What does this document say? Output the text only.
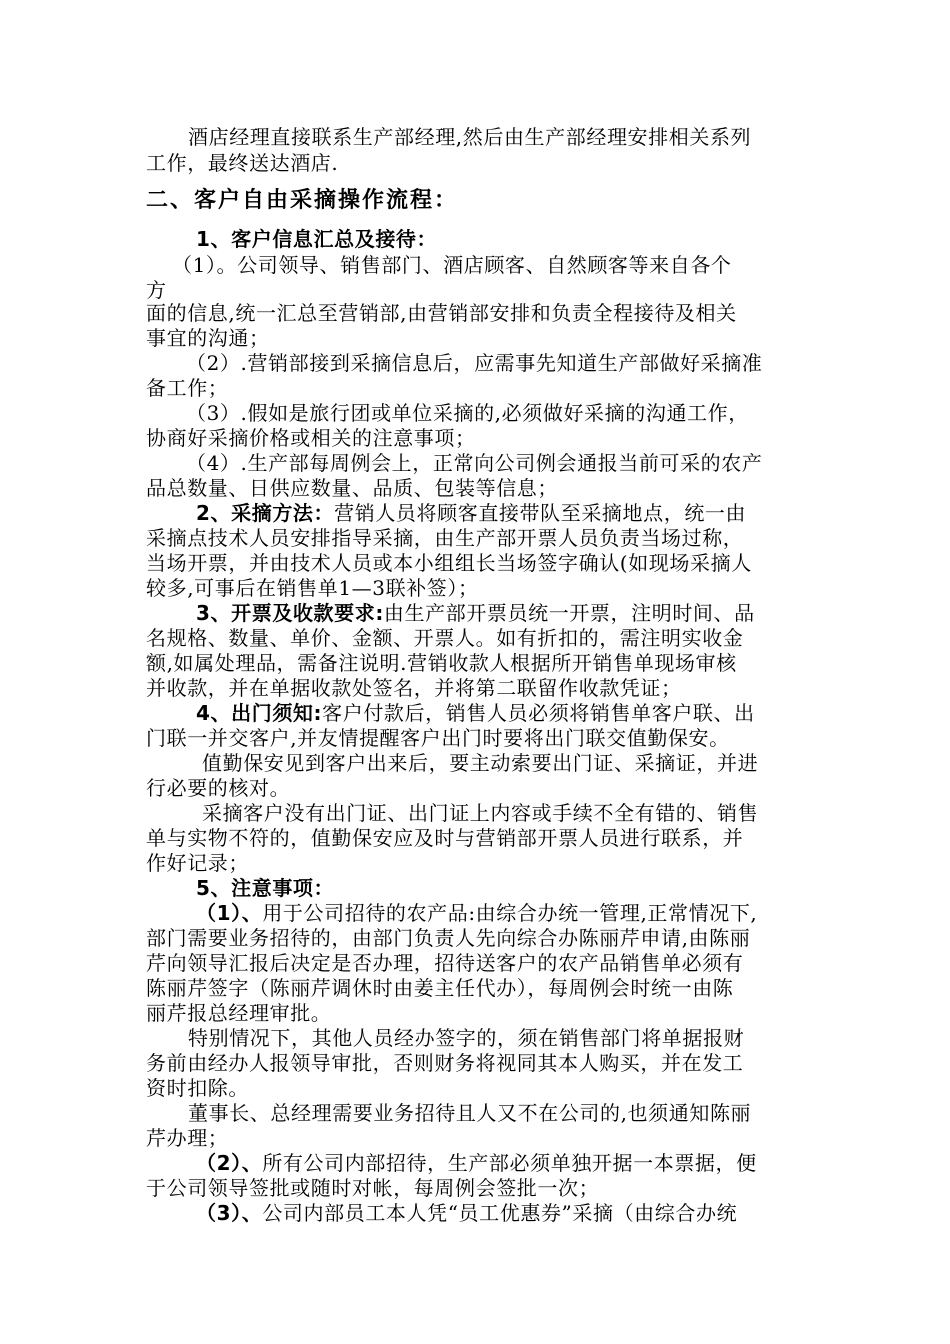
酒店经理直接联系生产部经理,然后由生产部经理安排相关系列
工作，最终送达酒店.
二、客户自由采摘操作流程：
1、客户信息汇总及接待：
（1）。公司领导、销售部门、酒店顾客、自然顾客等来自各个
方
面的信息,统一汇总至营销部,由营销部安排和负责全程接待及相关
事宜的沟通；
（2）.营销部接到采摘信息后，应需事先知道生产部做好采摘准
备工作；
（3）.假如是旅行团或单位采摘的,必须做好采摘的沟通工作，
协商好采摘价格或相关的注意事项；
（4）.生产部每周例会上，正常向公司例会通报当前可采的农产
品总数量、日供应数量、品质、包装等信息；
2、采摘方法：营销人员将顾客直接带队至采摘地点，统一由
采摘点技术人员安排指导采摘，由生产部开票人员负责当场过称，
当场开票，并由技术人员或本小组组长当场签字确认(如现场采摘人
较多,可事后在销售单1—3联补签）；
3、开票及收款要求:由生产部开票员统一开票，注明时间、品
名规格、数量、单价、金额、开票人。如有折扣的，需注明实收金
额,如属处理品，需备注说明.营销收款人根据所开销售单现场审核
并收款，并在单据收款处签名，并将第二联留作收款凭证；
4、出门须知:客户付款后，销售人员必须将销售单客户联、出
门联一并交客户,并友情提醒客户出门时要将出门联交值勤保安。
值勤保安见到客户出来后，要主动索要出门证、采摘证，并进
行必要的核对。
采摘客户没有出门证、出门证上内容或手续不全有错的、销售
单与实物不符的，值勤保安应及时与营销部开票人员进行联系，并
作好记录；
5、注意事项：
（1）、用于公司招待的农产品:由综合办统一管理,正常情况下,
部门需要业务招待的，由部门负责人先向综合办陈丽芹申请,由陈丽
芹向领导汇报后决定是否办理，招待送客户的农产品销售单必须有
陈丽芹签字（陈丽芹调休时由姜主任代办），每周例会时统一由陈
丽芹报总经理审批。
特别情况下，其他人员经办签字的，须在销售部门将单据报财
务前由经办人报领导审批，否则财务将视同其本人购买，并在发工
资时扣除。
董事长、总经理需要业务招待且人又不在公司的,也须通知陈丽
芹办理；
（2）、所有公司内部招待，生产部必须单独开据一本票据，便
于公司领导签批或随时对帐，每周例会签批一次；
（3）、公司内部员工本人凭“员工优惠券”采摘（由综合办统
